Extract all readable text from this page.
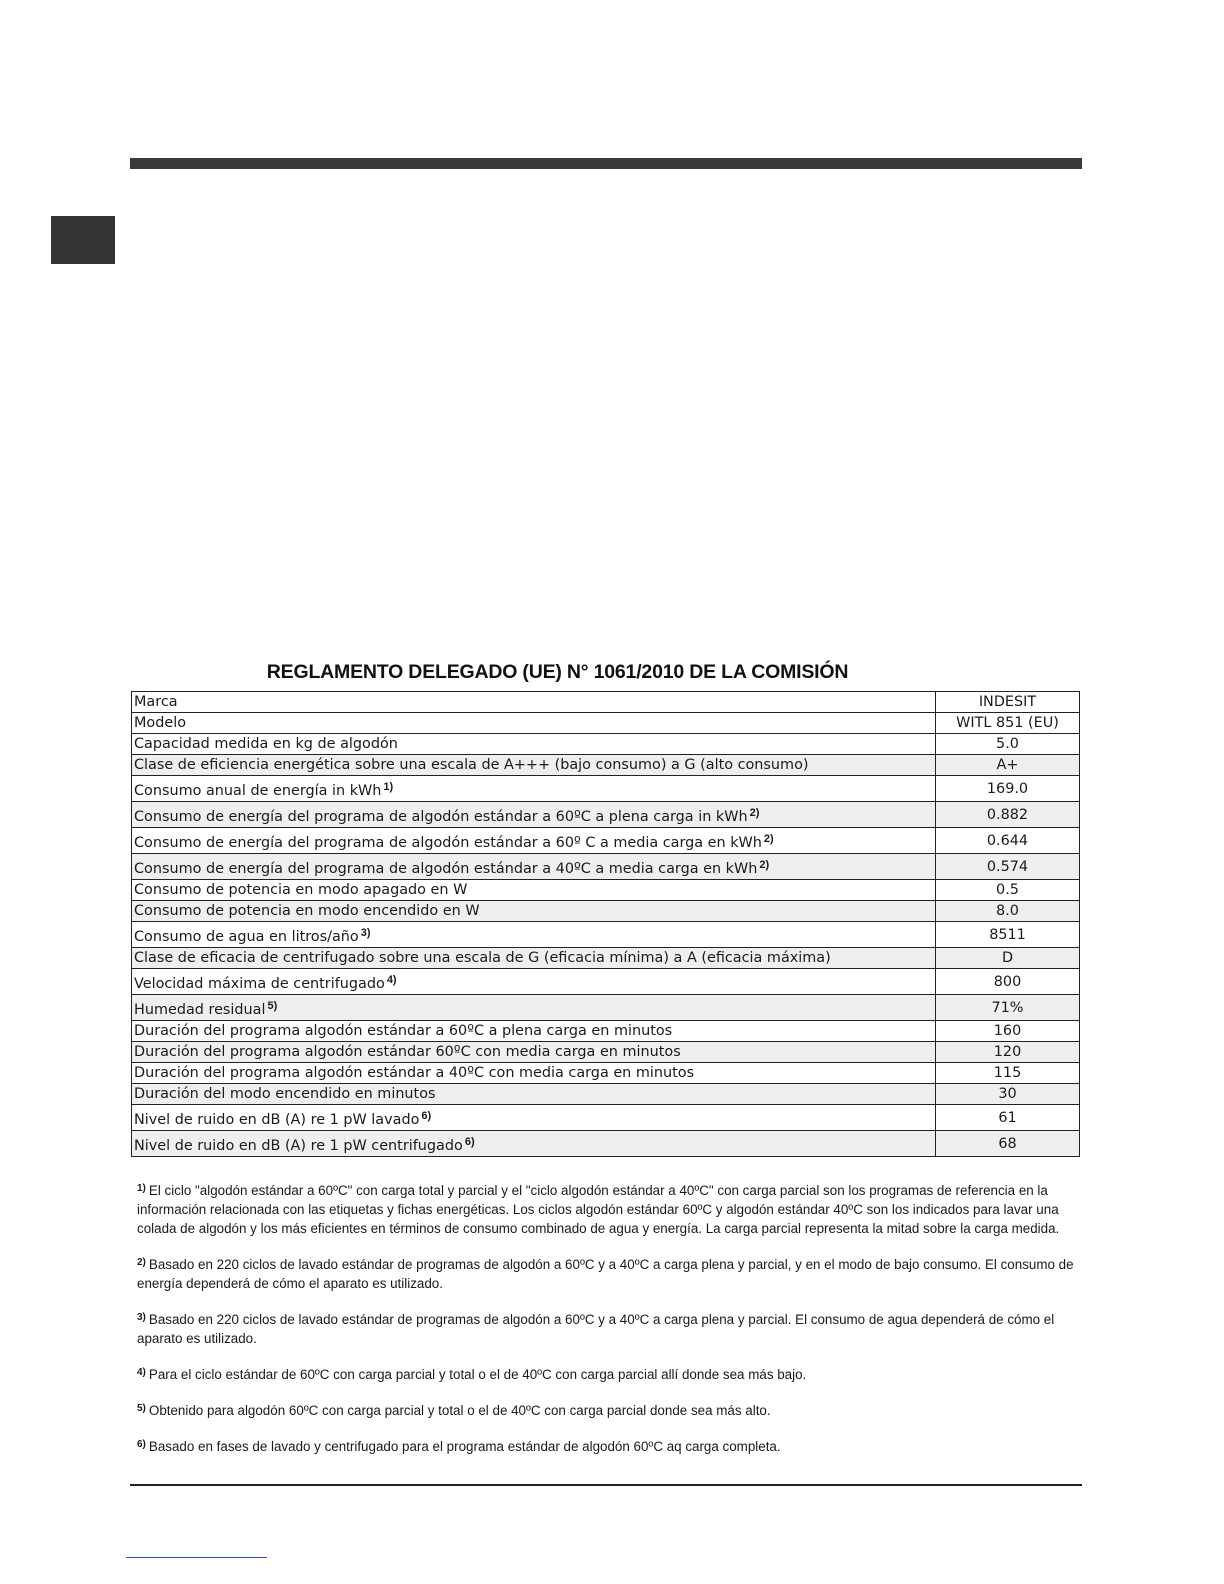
REGLAMENTO DELEGADO (UE) N° 1061/2010 DE LA COMISIÓN
Marca	INDESIT
Modelo	WITL 851 (EU)
Capacidad medida en kg de algodón	5.0
Clase de eficiencia energética sobre una escala de A+++ (bajo consumo) a G (alto consumo)	A+
Consumo anual de energía in kWh $^{1)}$	169.0
Consumo de energía del programa de algodón estándar a 60ºC a plena carga in kWh $^{2)}$	0.882
Consumo de energía del programa de algodón estándar a 60º C a media carga en kWh $^{2)}$	0.644
Consumo de energía del programa de algodón estándar a 40ºC a media carga en kWh $^{2)}$	0.574
Consumo de potencia en modo apagado en W	0.5
Consumo de potencia en modo encendido en W	8.0
Consumo de agua en litros/año $^{3)}$	8511
Clase de eficacia de centrifugado sobre una escala de G (eficacia mínima) a A (eficacia máxima)	D
Velocidad máxima de centrifugado $^{4)}$	800
Humedad residual $^{5)}$	71%
Duración del programa algodón estándar a 60ºC a plena carga en minutos	160
Duración del programa algodón estándar 60ºC con media carga en minutos	120
Duración del programa algodón estándar a 40ºC con media carga en minutos	115
Duración del modo encendido en minutos	30
Nivel de ruido en dB (A) re 1 pW lavado $^{6)}$	61
Nivel de ruido en dB (A) re 1 pW centrifugado $^{6)}$	68

$^{1)}$ El ciclo "algodón estándar a 60ºC" con carga total y parcial y el "ciclo algodón estándar a 40ºC" con carga parcial son los programas de referencia en la información relacionada con las etiquetas y fichas energéticas. Los ciclos algodón estándar 60ºC y algodón estándar 40ºC son los indicados para lavar una colada de algodón y los más eficientes en términos de consumo combinado de agua y energía. La carga parcial representa la mitad sobre la carga medida.

$^{2)}$ Basado en 220 ciclos de lavado estándar de programas de algodón a 60ºC y a 40ºC a carga plena y parcial, y en el modo de bajo consumo. El consumo de energía dependerá de cómo el aparato es utilizado.

$^{3)}$ Basado en 220 ciclos de lavado estándar de programas de algodón a 60ºC y a 40ºC a carga plena y parcial. El consumo de agua dependerá de cómo el aparato es utilizado.

$^{4)}$ Para el ciclo estándar de 60ºC con carga parcial y total o el de 40ºC con carga parcial allí donde sea más bajo.

$^{5)}$ Obtenido para algodón 60ºC con carga parcial y total o el de 40ºC con carga parcial donde sea más alto.

$^{6)}$ Basado en fases de lavado y centrifugado para el programa estándar de algodón 60ºC aq carga completa.
